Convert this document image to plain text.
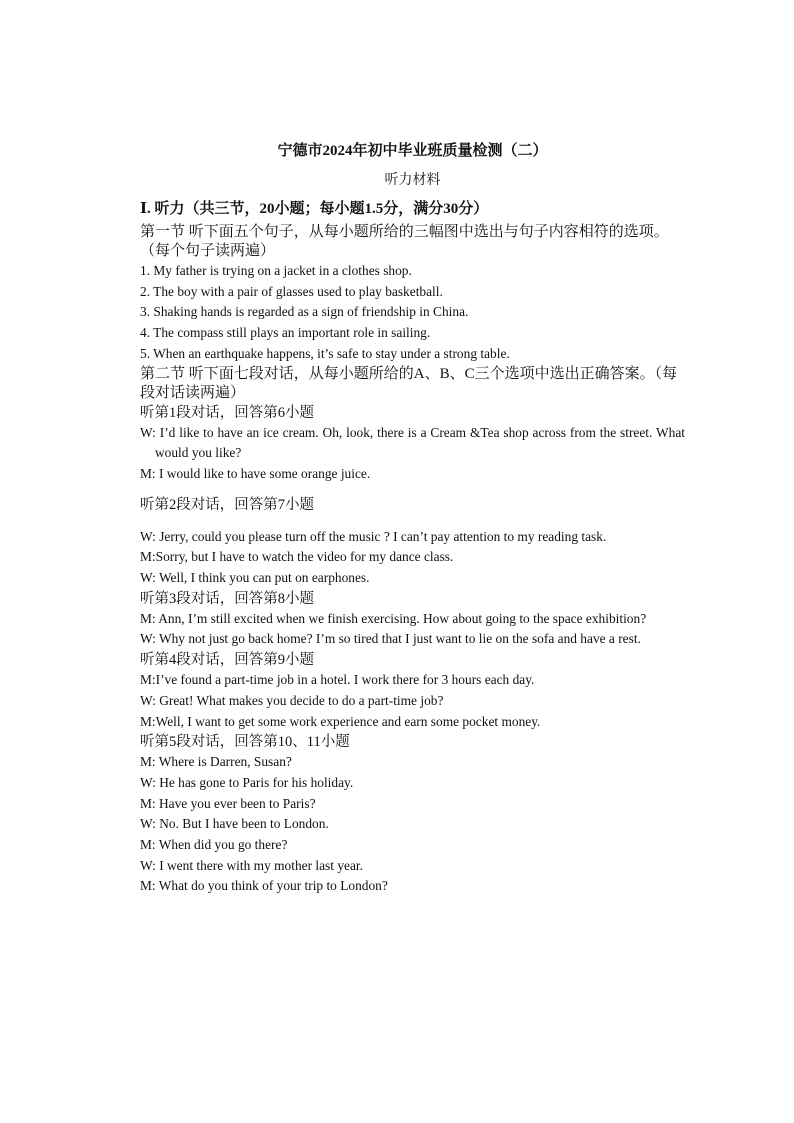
宁德市2024年初中毕业班质量检测（二）
听力材料
Ⅰ. 听力（共三节，20小题；每小题1.5分，满分30分）
第一节 听下面五个句子，从每小题所给的三幅图中选出与句子内容相符的选项。（每个句子读两遍）
1. My father is trying on a jacket in a clothes shop.
2. The boy with a pair of glasses used to play basketball.
3. Shaking hands is regarded as a sign of friendship in China.
4. The compass still plays an important role in sailing.
5. When an earthquake happens, it’s safe to stay under a strong table.
第二节 听下面七段对话，从每小题所给的A、B、C三个选项中选出正确答案。（每段对话读两遍）
听第1段对话，回答第6小题
W: I’d like to have an ice cream. Oh, look, there is a Cream &Tea shop across from the street. What would you like?
M: I would like to have some orange juice.
听第2段对话，回答第7小题
W: Jerry, could you please turn off the music ? I can’t pay attention to my reading task.
M:Sorry, but I have to watch the video for my dance class.
W: Well, I think you can put on earphones.
听第3段对话，回答第8小题
M: Ann, I’m still excited when we finish exercising. How about going to the space exhibition?
W: Why not just go back home? I’m so tired that I just want to lie on the sofa and have a rest.
听第4段对话，回答第9小题
M:I’ve found a part-time job in a hotel. I work there for 3 hours each day.
W: Great! What makes you decide to do a part-time job?
M:Well, I want to get some work experience and earn some pocket money.
听第5段对话，回答第10、11小题
M: Where is Darren, Susan?
W: He has gone to Paris for his holiday.
M: Have you ever been to Paris?
W: No. But I have been to London.
M: When did you go there?
W: I went there with my mother last year.
M: What do you think of your trip to London?
